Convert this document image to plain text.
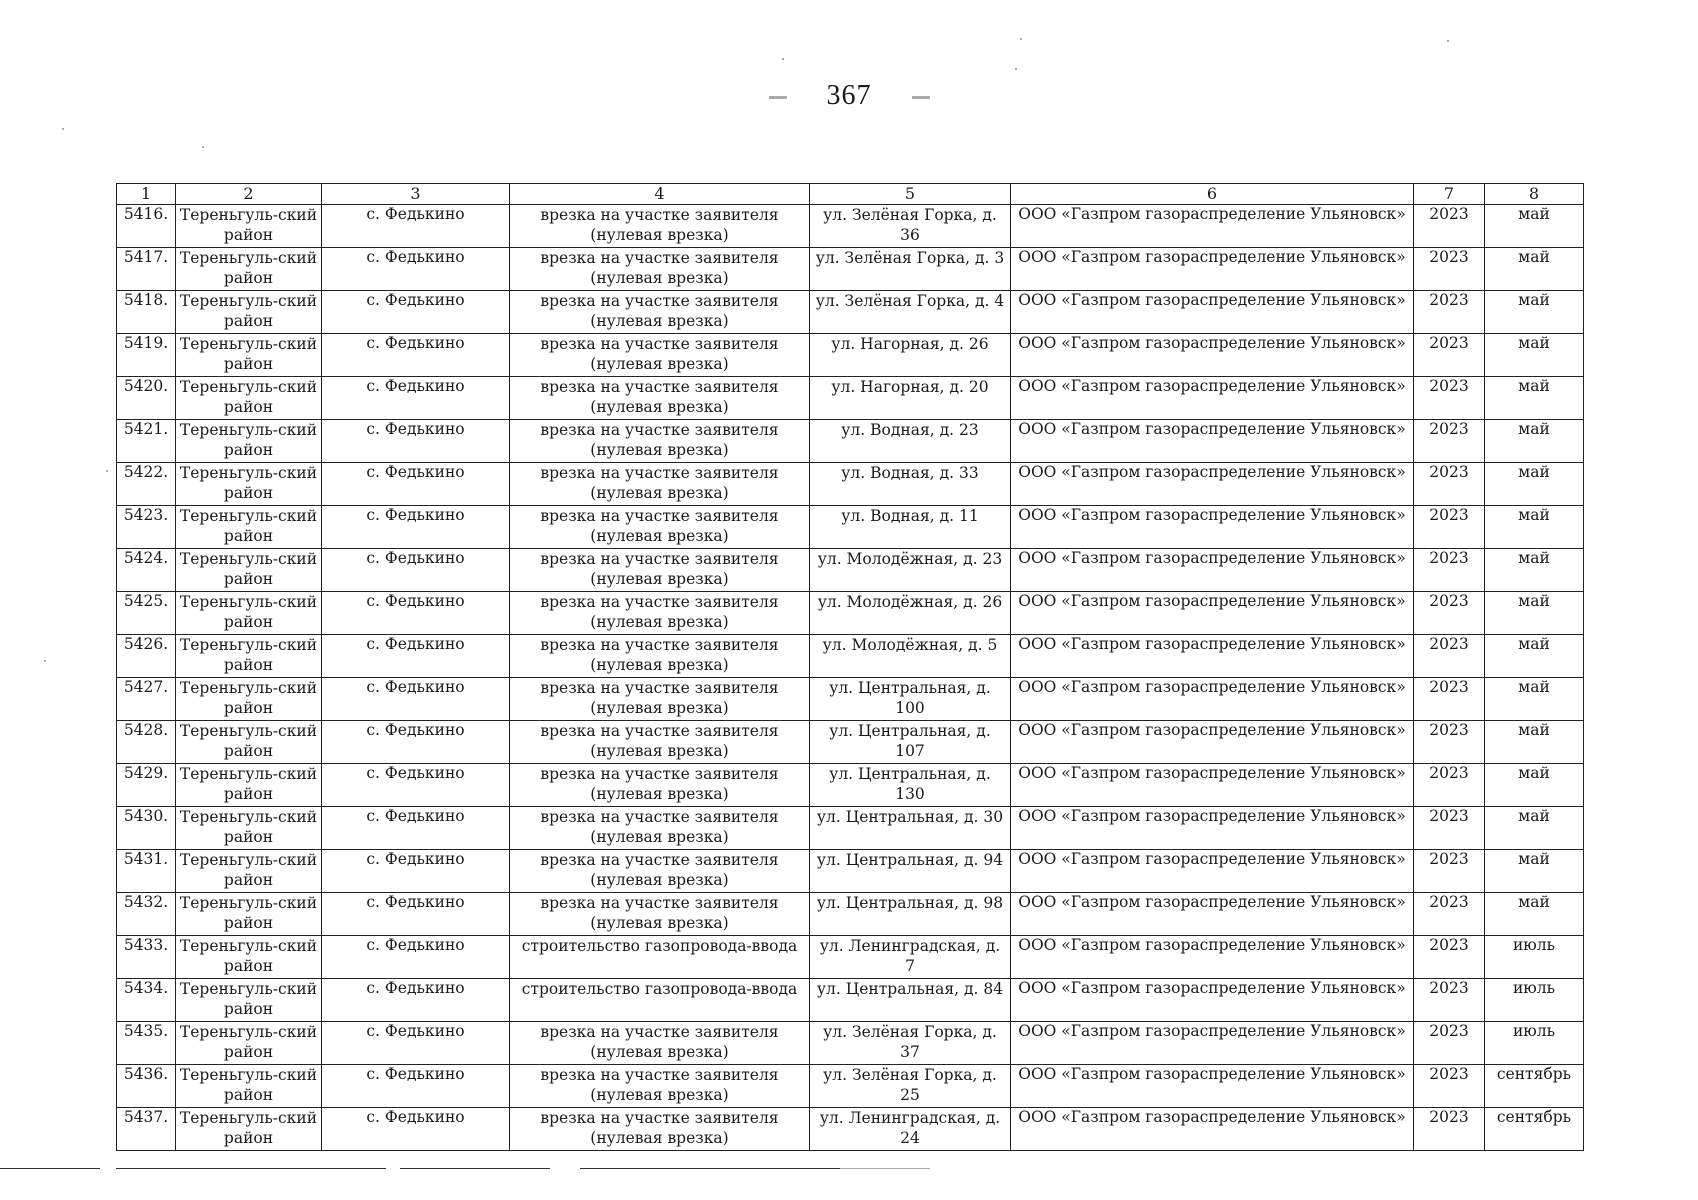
367
1	2	3	4	5	6	7	8
5416.	Тереньгуль-ский район	с. Федькино	врезка на участке заявителя (нулевая врезка)	ул. Зелёная Горка, д. 36	ООО «Газпром газораспределение Ульяновск»	2023	май
5417.	Тереньгуль-ский район	с. Федькино	врезка на участке заявителя (нулевая врезка)	ул. Зелёная Горка, д. 3	ООО «Газпром газораспределение Ульяновск»	2023	май
5418.	Тереньгуль-ский район	с. Федькино	врезка на участке заявителя (нулевая врезка)	ул. Зелёная Горка, д. 4	ООО «Газпром газораспределение Ульяновск»	2023	май
5419.	Тереньгуль-ский район	с. Федькино	врезка на участке заявителя (нулевая врезка)	ул. Нагорная, д. 26	ООО «Газпром газораспределение Ульяновск»	2023	май
5420.	Тереньгуль-ский район	с. Федькино	врезка на участке заявителя (нулевая врезка)	ул. Нагорная, д. 20	ООО «Газпром газораспределение Ульяновск»	2023	май
5421.	Тереньгуль-ский район	с. Федькино	врезка на участке заявителя (нулевая врезка)	ул. Водная, д. 23	ООО «Газпром газораспределение Ульяновск»	2023	май
5422.	Тереньгуль-ский район	с. Федькино	врезка на участке заявителя (нулевая врезка)	ул. Водная, д. 33	ООО «Газпром газораспределение Ульяновск»	2023	май
5423.	Тереньгуль-ский район	с. Федькино	врезка на участке заявителя (нулевая врезка)	ул. Водная, д. 11	ООО «Газпром газораспределение Ульяновск»	2023	май
5424.	Тереньгуль-ский район	с. Федькино	врезка на участке заявителя (нулевая врезка)	ул. Молодёжная, д. 23	ООО «Газпром газораспределение Ульяновск»	2023	май
5425.	Тереньгуль-ский район	с. Федькино	врезка на участке заявителя (нулевая врезка)	ул. Молодёжная, д. 26	ООО «Газпром газораспределение Ульяновск»	2023	май
5426.	Тереньгуль-ский район	с. Федькино	врезка на участке заявителя (нулевая врезка)	ул. Молодёжная, д. 5	ООО «Газпром газораспределение Ульяновск»	2023	май
5427.	Тереньгуль-ский район	с. Федькино	врезка на участке заявителя (нулевая врезка)	ул. Центральная, д. 100	ООО «Газпром газораспределение Ульяновск»	2023	май
5428.	Тереньгуль-ский район	с. Федькино	врезка на участке заявителя (нулевая врезка)	ул. Центральная, д. 107	ООО «Газпром газораспределение Ульяновск»	2023	май
5429.	Тереньгуль-ский район	с. Федькино	врезка на участке заявителя (нулевая врезка)	ул. Центральная, д. 130	ООО «Газпром газораспределение Ульяновск»	2023	май
5430.	Тереньгуль-ский район	с. Федькино	врезка на участке заявителя (нулевая врезка)	ул. Центральная, д. 30	ООО «Газпром газораспределение Ульяновск»	2023	май
5431.	Тереньгуль-ский район	с. Федькино	врезка на участке заявителя (нулевая врезка)	ул. Центральная, д. 94	ООО «Газпром газораспределение Ульяновск»	2023	май
5432.	Тереньгуль-ский район	с. Федькино	врезка на участке заявителя (нулевая врезка)	ул. Центральная, д. 98	ООО «Газпром газораспределение Ульяновск»	2023	май
5433.	Тереньгуль-ский район	с. Федькино	строительство газопровода-ввода	ул. Ленинградская, д. 7	ООО «Газпром газораспределение Ульяновск»	2023	июль
5434.	Тереньгуль-ский район	с. Федькино	строительство газопровода-ввода	ул. Центральная, д. 84	ООО «Газпром газораспределение Ульяновск»	2023	июль
5435.	Тереньгуль-ский район	с. Федькино	врезка на участке заявителя (нулевая врезка)	ул. Зелёная Горка, д. 37	ООО «Газпром газораспределение Ульяновск»	2023	июль
5436.	Тереньгуль-ский район	с. Федькино	врезка на участке заявителя (нулевая врезка)	ул. Зелёная Горка, д. 25	ООО «Газпром газораспределение Ульяновск»	2023	сентябрь
5437.	Тереньгуль-ский район	с. Федькино	врезка на участке заявителя (нулевая врезка)	ул. Ленинградская, д. 24	ООО «Газпром газораспределение Ульяновск»	2023	сентябрь
